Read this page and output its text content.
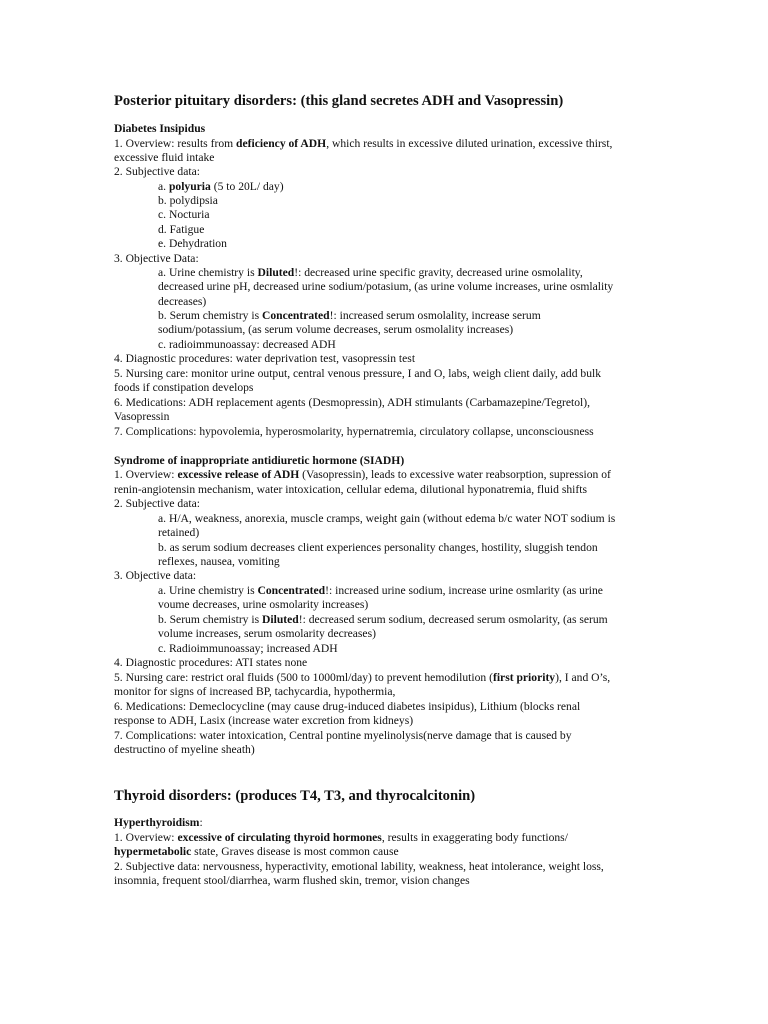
Posterior pituitary disorders: (this gland secretes ADH and Vasopressin)
Diabetes Insipidus
1. Overview: results from deficiency of ADH, which results in excessive diluted urination, excessive thirst,
excessive fluid intake
2. Subjective data:
a. polyuria (5 to 20L/ day)
b. polydipsia
c. Nocturia
d. Fatigue
e. Dehydration
3. Objective Data:
a. Urine chemistry is Diluted!: decreased urine specific gravity, decreased urine osmolality,
decreased urine pH, decreased urine sodium/potasium, (as urine volume increases, urine osmlality
decreases)
b. Serum chemistry is Concentrated!: increased serum osmolality, increase serum
sodium/potassium, (as serum volume decreases, serum osmolality increases)
c. radioimmunoassay: decreased ADH
4. Diagnostic procedures: water deprivation test, vasopressin test
5. Nursing care: monitor urine output, central venous pressure, I and O, labs, weigh client daily, add bulk
foods if constipation develops
6. Medications: ADH replacement agents (Desmopressin), ADH stimulants (Carbamazepine/Tegretol),
Vasopressin
7. Complications: hypovolemia, hyperosmolarity, hypernatremia, circulatory collapse, unconsciousness
Syndrome of inappropriate antidiuretic hormone (SIADH)
1. Overview: excessive release of ADH (Vasopressin), leads to excessive water reabsorption, supression of
renin-angiotensin mechanism, water intoxication, cellular edema, dilutional hyponatremia, fluid shifts
2. Subjective data:
a. H/A, weakness, anorexia, muscle cramps, weight gain (without edema b/c water NOT sodium is
retained)
b. as serum sodium decreases client experiences personality changes, hostility, sluggish tendon
reflexes, nausea, vomiting
3. Objective data:
a. Urine chemistry is Concentrated!: increased urine sodium, increase urine osmlarity (as urine
voume decreases, urine osmolarity increases)
b. Serum chemistry is Diluted!: decreased serum sodium, decreased serum osmolarity, (as serum
volume increases, serum osmolarity decreases)
c. Radioimmunoassay; increased ADH
4. Diagnostic procedures: ATI states none
5. Nursing care: restrict oral fluids (500 to 1000ml/day) to prevent hemodilution (first priority), I and O’s,
monitor for signs of increased BP, tachycardia, hypothermia,
6. Medications: Demeclocycline (may cause drug-induced diabetes insipidus), Lithium (blocks renal
response to ADH, Lasix (increase water excretion from kidneys)
7. Complications: water intoxication, Central pontine myelinolysis(nerve damage that is caused by
destructino of myeline sheath)
Thyroid disorders: (produces T4, T3, and thyrocalcitonin)
Hyperthyroidism:
1. Overview: excessive of circulating thyroid hormones, results in exaggerating body functions/
hypermetabolic state, Graves disease is most common cause
2. Subjective data: nervousness, hyperactivity, emotional lability, weakness, heat intolerance, weight loss,
insomnia, frequent stool/diarrhea, warm flushed skin, tremor, vision changes
